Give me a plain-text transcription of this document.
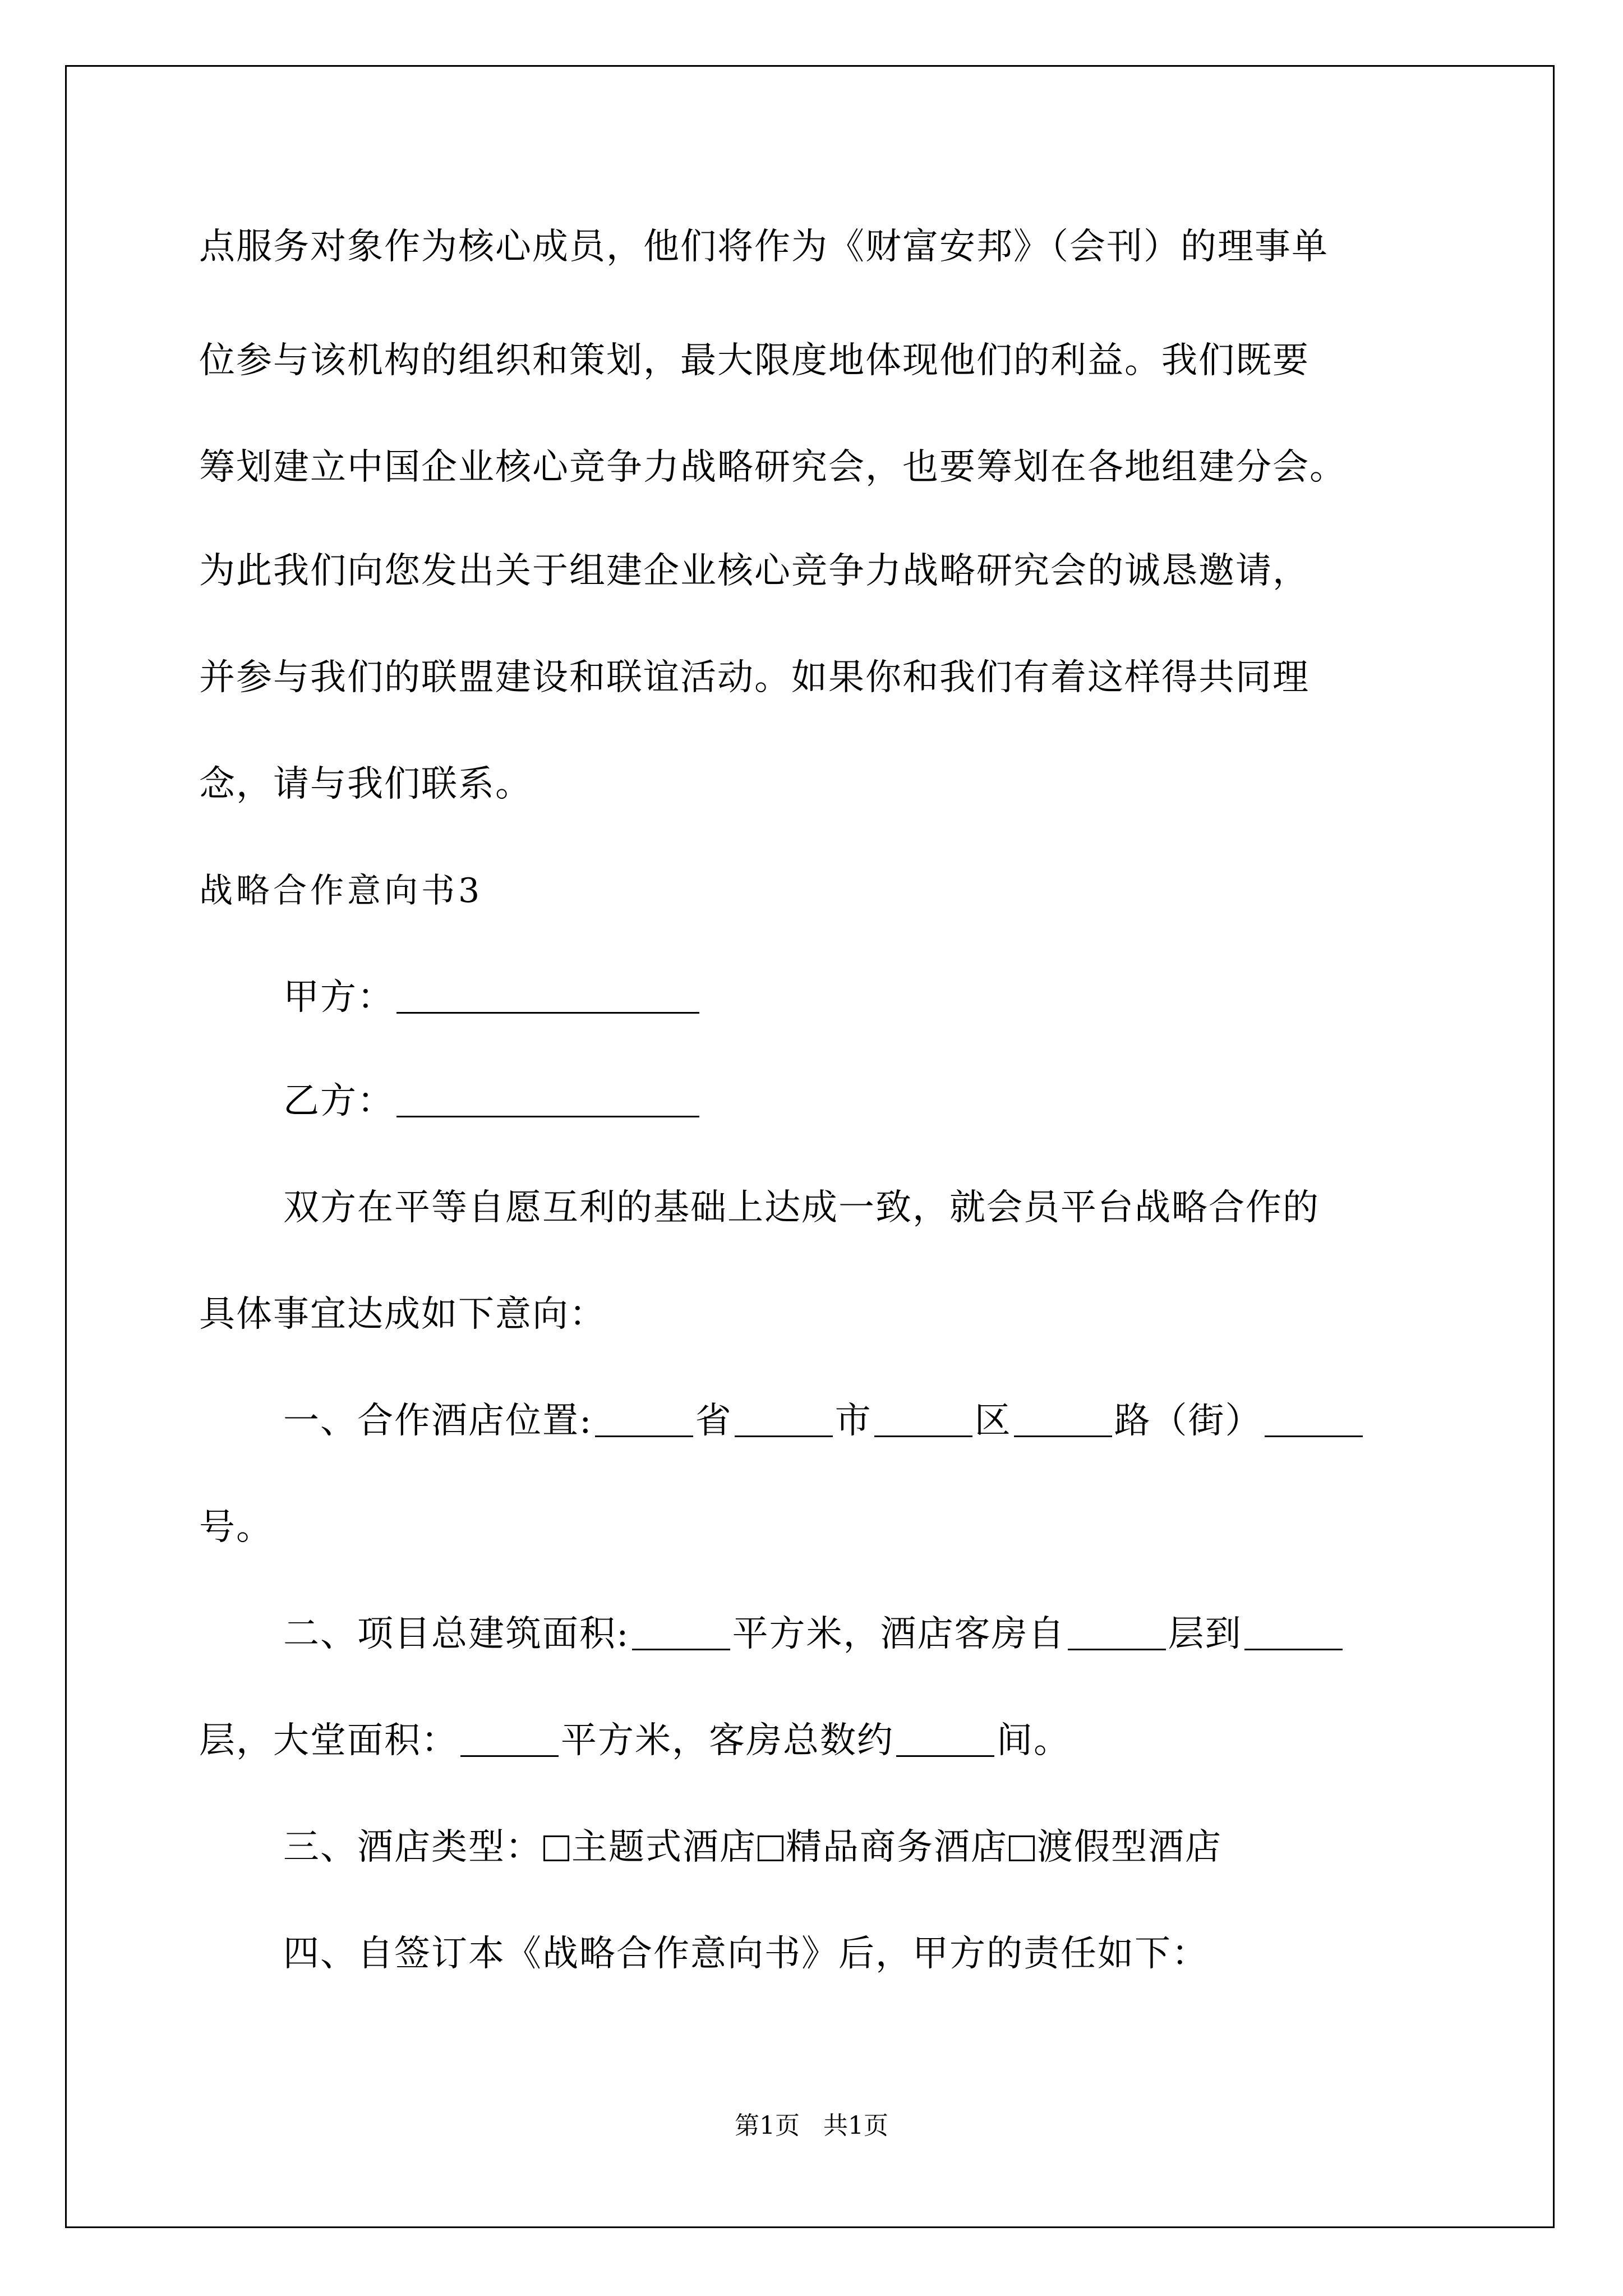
点服务对象作为核心成员，他们将作为《财富安邦》（会刊）的理事单
位参与该机构的组织和策划，最大限度地体现他们的利益。我们既要
筹划建立中国企业核心竞争力战略研究会，也要筹划在各地组建分会。
为此我们向您发出关于组建企业核心竞争力战略研究会的诚恳邀请，
并参与我们的联盟建设和联谊活动。如果你和我们有着这样得共同理
念，请与我们联系。
战略合作意向书3
甲方：
乙方：
双方在平等自愿互利的基础上达成一致，就会员平台战略合作的
具体事宜达成如下意向：
一、合作酒店位置:	省	市	区	路（街）
号。
二、项目总建筑面积:	平方米，酒店客房自	层到
层，大堂面积：	平方米，客房总数约	间。
三、酒店类型： 主题式酒店 精品商务酒店 渡假型酒店
四、自签订本《战略合作意向书》后，甲方的责任如下：
第1页   共1页
